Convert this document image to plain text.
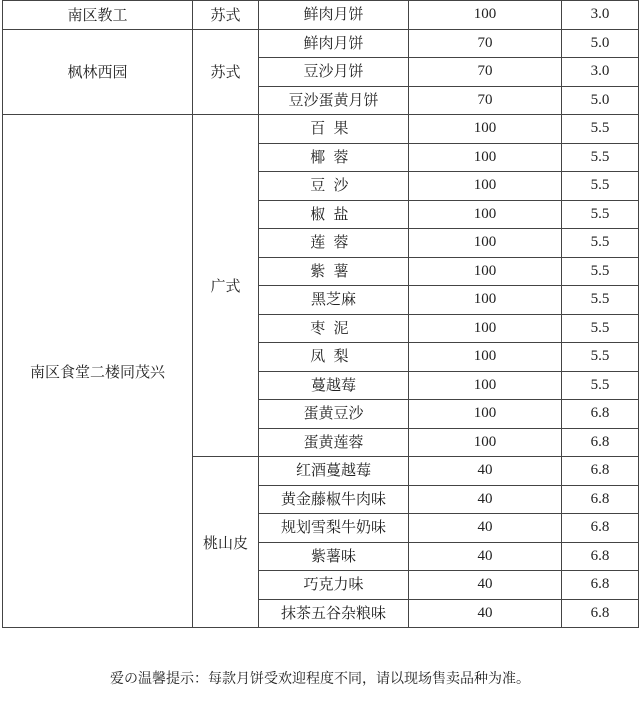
南区教工	苏式	鲜肉月饼	100	3.0
枫林西园	苏式	鲜肉月饼	70	5.0
		豆沙月饼	70	3.0
		豆沙蛋黄月饼	70	5.0
南区食堂二楼同茂兴	广式	百果	100	5.5
		椰蓉	100	5.5
		豆沙	100	5.5
		椒盐	100	5.5
		莲蓉	100	5.5
		紫薯	100	5.5
		黑芝麻	100	5.5
		枣泥	100	5.5
		凤梨	100	5.5
		蔓越莓	100	5.5
		蛋黄豆沙	100	6.8
		蛋黄莲蓉	100	6.8
	桃山皮	红酒蔓越莓	40	6.8
		黄金藤椒牛肉味	40	6.8
		规划雪梨牛奶味	40	6.8
		紫薯味	40	6.8
		巧克力味	40	6.8
		抹茶五谷杂粮味	40	6.8
爱の温馨提示：每款月饼受欢迎程度不同，请以现场售卖品种为准。
